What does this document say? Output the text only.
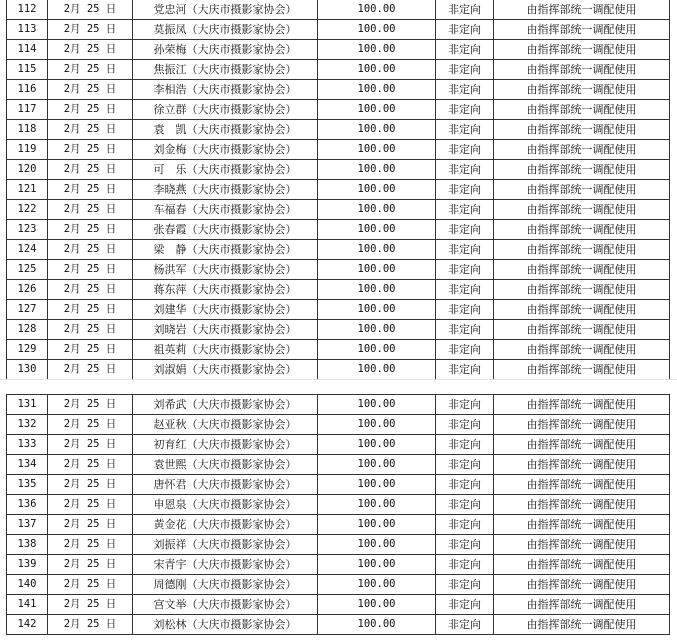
112	2月 25 日	党忠河（大庆市摄影家协会）	100.00	非定向	由指挥部统一调配使用
113	2月 25 日	莫振凤（大庆市摄影家协会）	100.00	非定向	由指挥部统一调配使用
114	2月 25 日	孙荣梅（大庆市摄影家协会）	100.00	非定向	由指挥部统一调配使用
115	2月 25 日	焦振江（大庆市摄影家协会）	100.00	非定向	由指挥部统一调配使用
116	2月 25 日	李相浩（大庆市摄影家协会）	100.00	非定向	由指挥部统一调配使用
117	2月 25 日	徐立群（大庆市摄影家协会）	100.00	非定向	由指挥部统一调配使用
118	2月 25 日	袁　凯（大庆市摄影家协会）	100.00	非定向	由指挥部统一调配使用
119	2月 25 日	刘金梅（大庆市摄影家协会）	100.00	非定向	由指挥部统一调配使用
120	2月 25 日	可　乐（大庆市摄影家协会）	100.00	非定向	由指挥部统一调配使用
121	2月 25 日	李晓燕（大庆市摄影家协会）	100.00	非定向	由指挥部统一调配使用
122	2月 25 日	车福春（大庆市摄影家协会）	100.00	非定向	由指挥部统一调配使用
123	2月 25 日	张春霞（大庆市摄影家协会）	100.00	非定向	由指挥部统一调配使用
124	2月 25 日	梁　静（大庆市摄影家协会）	100.00	非定向	由指挥部统一调配使用
125	2月 25 日	杨洪军（大庆市摄影家协会）	100.00	非定向	由指挥部统一调配使用
126	2月 25 日	蒋东萍（大庆市摄影家协会）	100.00	非定向	由指挥部统一调配使用
127	2月 25 日	刘建华（大庆市摄影家协会）	100.00	非定向	由指挥部统一调配使用
128	2月 25 日	刘晓岩（大庆市摄影家协会）	100.00	非定向	由指挥部统一调配使用
129	2月 25 日	祖英莉（大庆市摄影家协会）	100.00	非定向	由指挥部统一调配使用
130	2月 25 日	刘淑娟（大庆市摄影家协会）	100.00	非定向	由指挥部统一调配使用
131	2月 25 日	刘希武（大庆市摄影家协会）	100.00	非定向	由指挥部统一调配使用
132	2月 25 日	赵亚秋（大庆市摄影家协会）	100.00	非定向	由指挥部统一调配使用
133	2月 25 日	初育红（大庆市摄影家协会）	100.00	非定向	由指挥部统一调配使用
134	2月 25 日	袁世熙（大庆市摄影家协会）	100.00	非定向	由指挥部统一调配使用
135	2月 25 日	唐怀君（大庆市摄影家协会）	100.00	非定向	由指挥部统一调配使用
136	2月 25 日	申恩泉（大庆市摄影家协会）	100.00	非定向	由指挥部统一调配使用
137	2月 25 日	黄金花（大庆市摄影家协会）	100.00	非定向	由指挥部统一调配使用
138	2月 25 日	刘振祥（大庆市摄影家协会）	100.00	非定向	由指挥部统一调配使用
139	2月 25 日	宋青宇（大庆市摄影家协会）	100.00	非定向	由指挥部统一调配使用
140	2月 25 日	周德刚（大庆市摄影家协会）	100.00	非定向	由指挥部统一调配使用
141	2月 25 日	宫文举（大庆市摄影家协会）	100.00	非定向	由指挥部统一调配使用
142	2月 25 日	刘松林（大庆市摄影家协会）	100.00	非定向	由指挥部统一调配使用
